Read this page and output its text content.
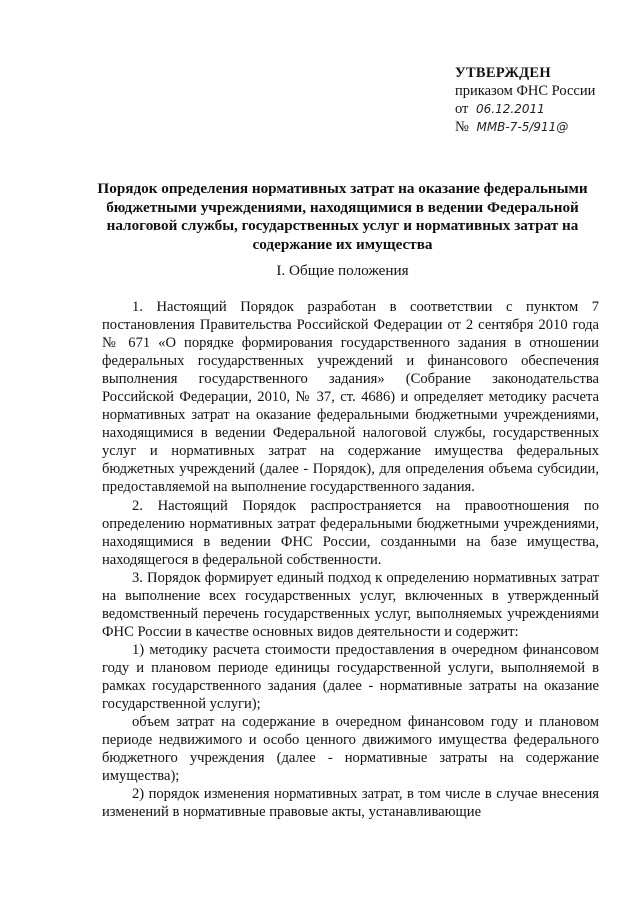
УТВЕРЖДЕН
приказом ФНС России
от 06.12.2011
№ ММВ-7-5/911@
Порядок определения нормативных затрат на оказание федеральными бюджетными учреждениями, находящимися в ведении Федеральной налоговой службы, государственных услуг и нормативных затрат на содержание их имущества
I. Общие положения

1. Настоящий Порядок разработан в соответствии с пунктом 7 постановления Правительства Российской Федерации от 2 сентября 2010 года № 671 «О порядке формирования государственного задания в отношении федеральных государственных учреждений и финансового обеспечения выполнения государственного задания» (Собрание законодательства Российской Федерации, 2010, № 37, ст. 4686) и определяет методику расчета нормативных затрат на оказание федеральными бюджетными учреждениями, находящимися в ведении Федеральной налоговой службы, государственных услуг и нормативных затрат на содержание имущества федеральных бюджетных учреждений (далее - Порядок), для определения объема субсидии, предоставляемой на выполнение государственного задания.

2. Настоящий Порядок распространяется на правоотношения по определению нормативных затрат федеральными бюджетными учреждениями, находящимися в ведении ФНС России, созданными на базе имущества, находящегося в федеральной собственности.

3. Порядок формирует единый подход к определению нормативных затрат на выполнение всех государственных услуг, включенных в утвержденный ведомственный перечень государственных услуг, выполняемых учреждениями ФНС России в качестве основных видов деятельности и содержит:

1) методику расчета стоимости предоставления в очередном финансовом году и плановом периоде единицы государственной услуги, выполняемой в рамках государственного задания (далее - нормативные затраты на оказание государственной услуги);

объем затрат на содержание в очередном финансовом году и плановом периоде недвижимого и особо ценного движимого имущества федерального бюджетного учреждения (далее - нормативные затраты на содержание имущества);

2) порядок изменения нормативных затрат, в том числе в случае внесения изменений в нормативные правовые акты, устанавливающие
